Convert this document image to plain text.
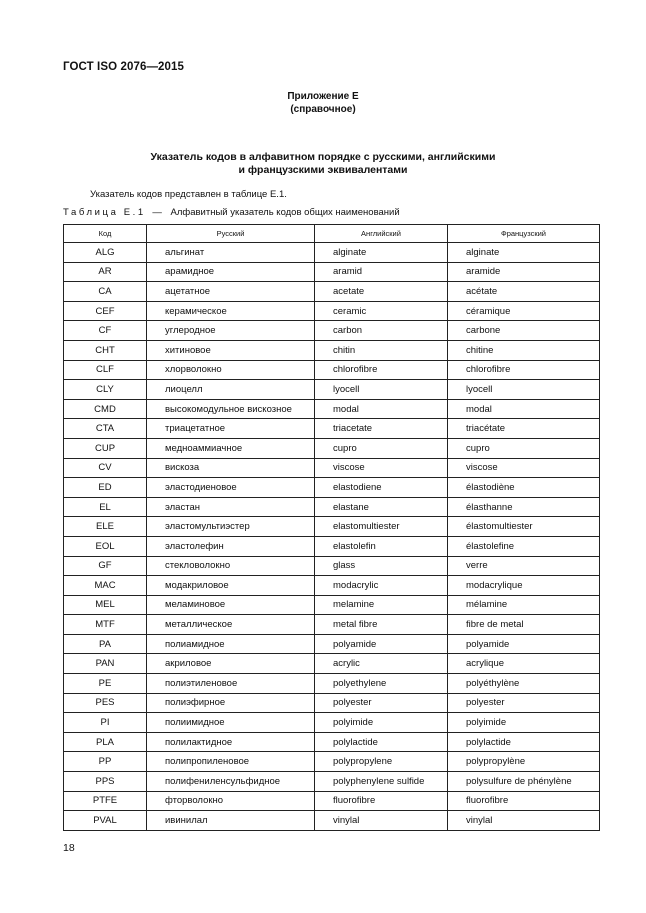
ГОСТ ISO 2076—2015
Приложение Е
(справочное)
Указатель кодов в алфавитном порядке с русскими, английскими
и французскими эквивалентами
Указатель кодов представлен в таблице Е.1.
Таблица Е.1 — Алфавитный указатель кодов общих наименований
Код	Русский	Английский	Французский
ALG	альгинат	alginate	alginate
AR	арамидное	aramid	aramide
CA	ацетатное	acetate	acétate
CEF	керамическое	ceramic	céramique
CF	углеродное	carbon	carbone
CHT	хитиновое	chitin	chitine
CLF	хлорволокно	chlorofibre	chlorofibre
CLY	лиоцелл	lyocell	lyocell
CMD	высокомодульное вискозное	modal	modal
CTA	триацетатное	triacetate	triacétate
CUP	медноаммиачное	cupro	cupro
CV	вискоза	viscose	viscose
ED	эластодиеновое	elastodiene	élastodiène
EL	эластан	elastane	élasthanne
ELE	эластомультиэстер	elastomultiester	élastomultiester
EOL	эластолефин	elastolefin	élastolefine
GF	стекловолокно	glass	verre
MAC	модакриловое	modacrylic	modacrylique
MEL	меламиновое	melamine	mélamine
MTF	металлическое	metal fibre	fibre de metal
PA	полиамидное	polyamide	polyamide
PAN	акриловое	acrylic	acrylique
PE	полиэтиленовое	polyethylene	polyéthylène
PES	полиэфирное	polyester	polyester
PI	полиимидное	polyimide	polyimide
PLA	полилактидное	polylactide	polylactide
PP	полипропиленовое	polypropylene	polypropylène
PPS	полифениленсульфидное	polyphenylene sulfide	polysulfure de phénylène
PTFE	фторволокно	fluorofibre	fluorofibre
PVAL	ивинилал	vinylal	vinylal
18
